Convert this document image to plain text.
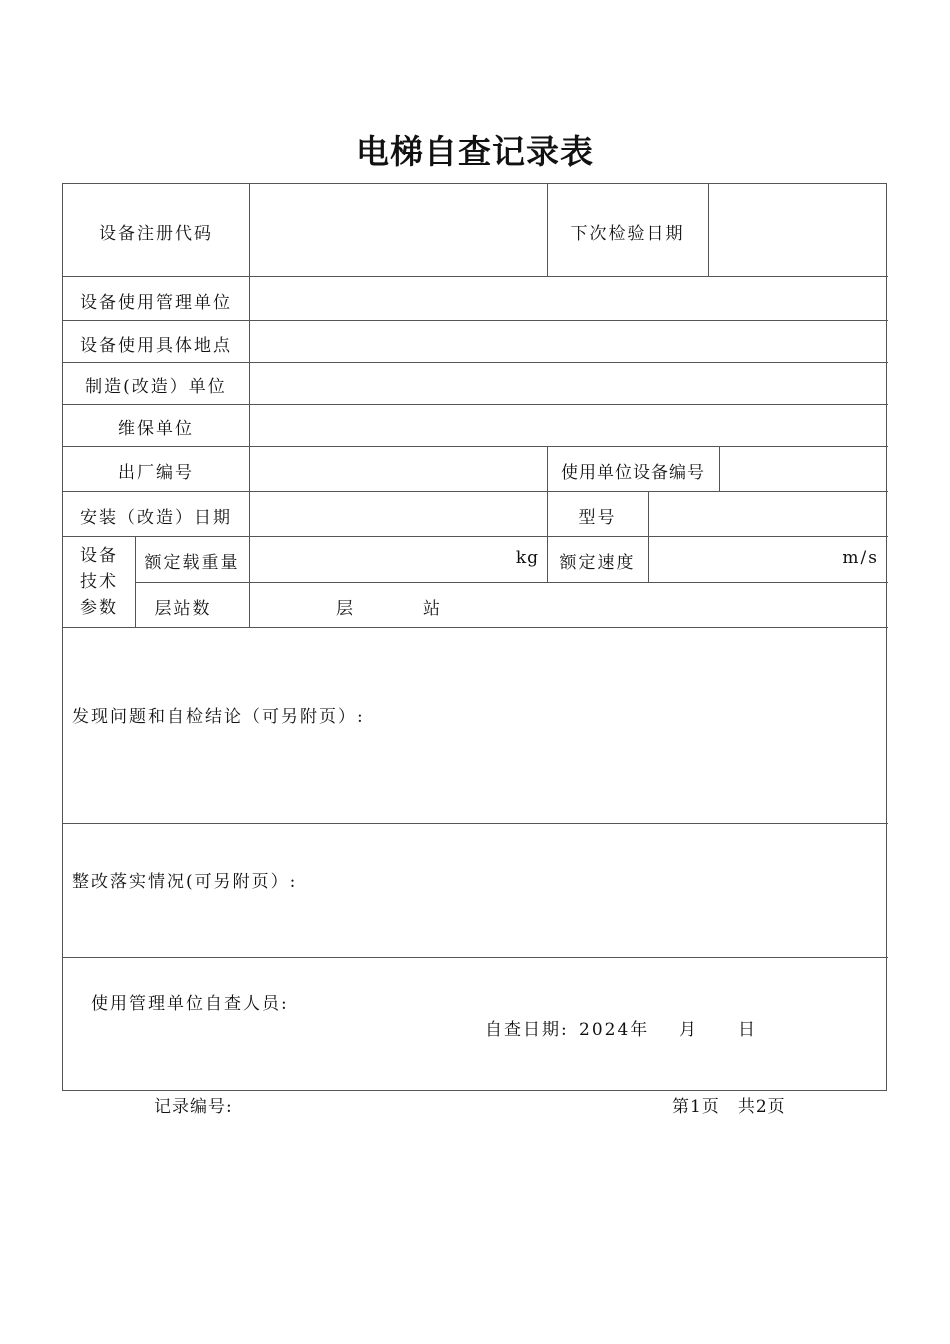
电梯自查记录表
设备注册代码	下次检验日期
设备使用管理单位
设备使用具体地点
制造(改造）单位
维保单位
出厂编号	使用单位设备编号
安装（改造）日期	型号
设备
技术
参数
额定载重量	kg	额定速度	m/s
层站数	层	站
发现问题和自检结论（可另附页）:
整改落实情况(可另附页）:
使用管理单位自查人员:
自查日期: 2024年 月 日
记录编号:	第1页　共2页
